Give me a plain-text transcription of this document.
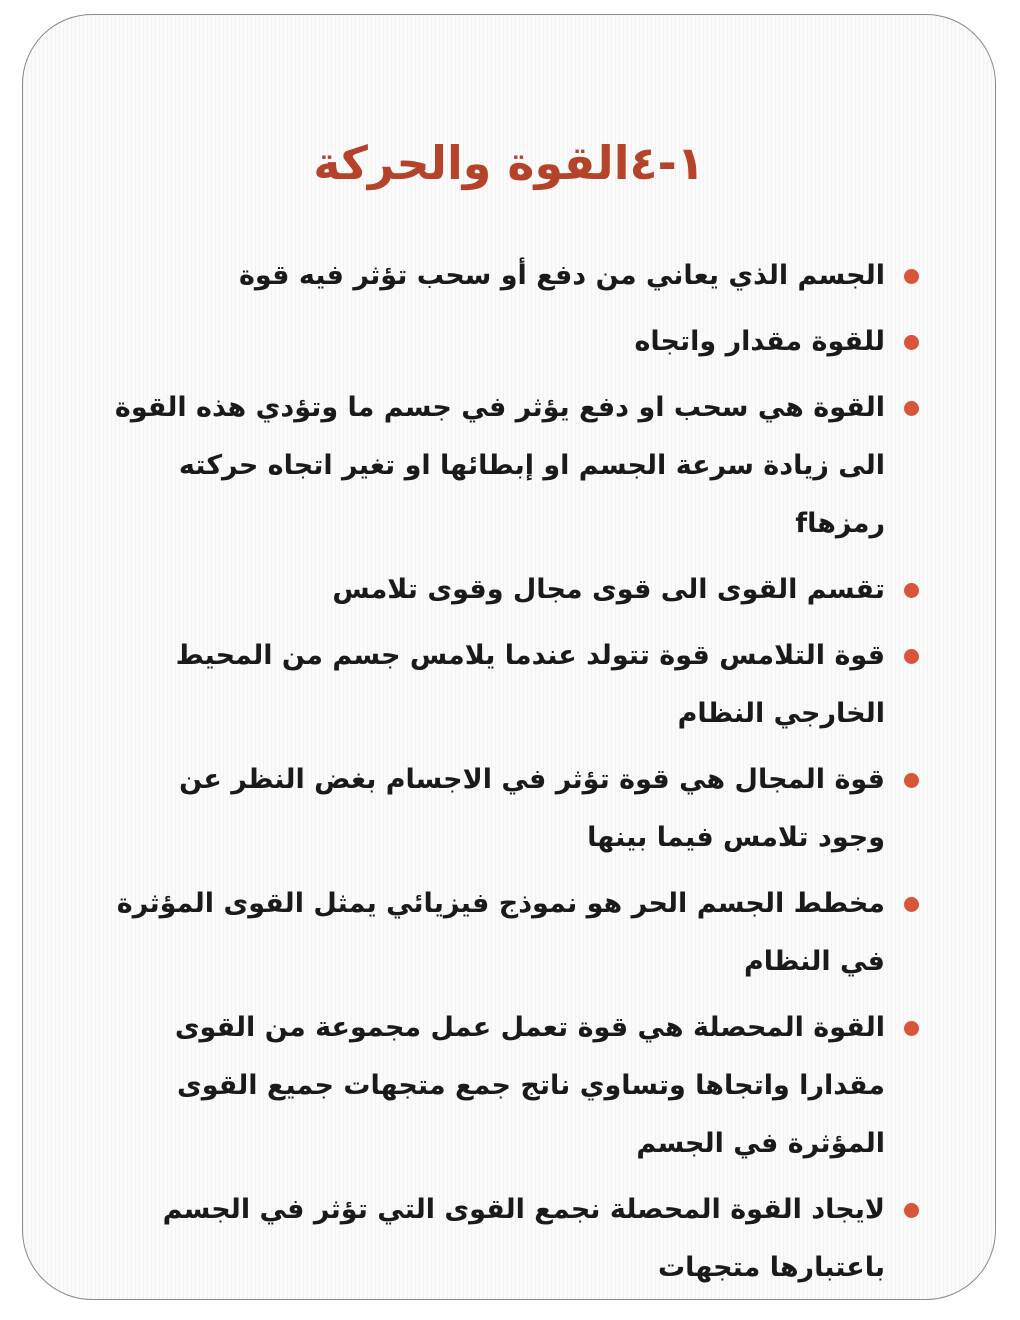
١-٤القوة والحركة
الجسم الذي يعاني من دفع أو سحب تؤثر فيه قوة
للقوة مقدار واتجاه
القوة هي سحب او دفع يؤثر في جسم ما وتؤدي هذه القوة الى زيادة سرعة الجسم او إبطائها او تغير اتجاه حركته رمزهاf
تقسم القوى الى قوى مجال وقوى تلامس
قوة التلامس قوة تتولد عندما يلامس جسم من المحيط الخارجي النظام
قوة المجال هي قوة تؤثر في الاجسام بغض النظر عن وجود تلامس فيما بينها
مخطط الجسم الحر هو نموذج فيزيائي يمثل القوى المؤثرة في النظام
القوة المحصلة هي قوة تعمل عمل مجموعة من القوى مقدارا واتجاها وتساوي ناتج جمع متجهات جميع القوى المؤثرة في الجسم
لايجاد القوة المحصلة نجمع القوى التي تؤثر في الجسم باعتبارها متجهات
